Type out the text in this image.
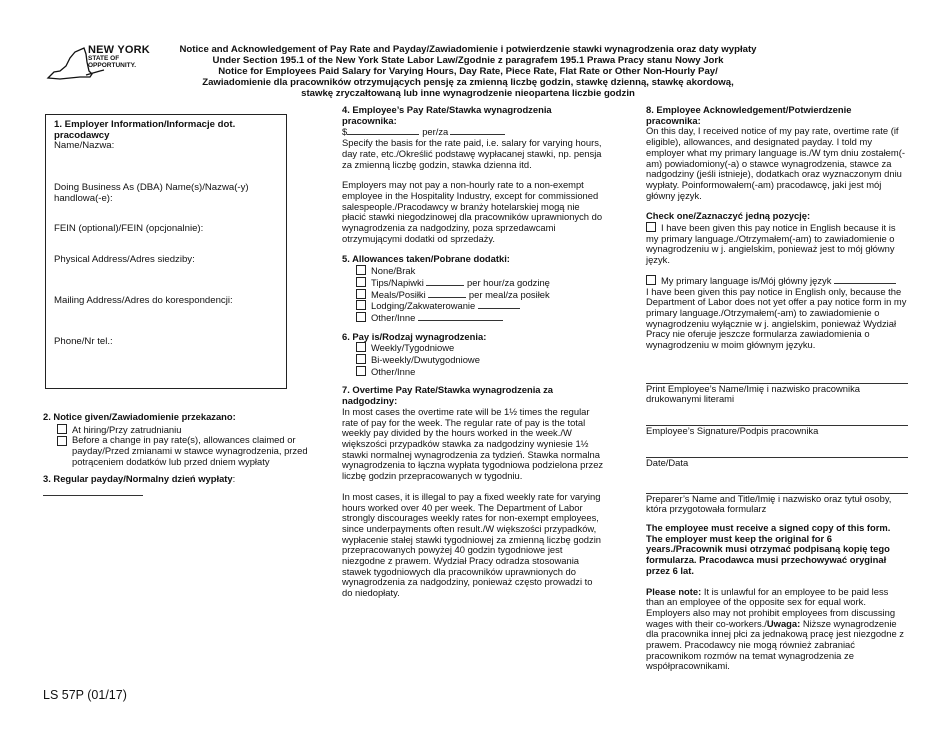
NEW YORK
STATE OF
OPPORTUNITY.
Notice and Acknowledgement of Pay Rate and Payday/Zawiadomienie i potwierdzenie stawki wynagrodzenia oraz daty wypłaty
Under Section 195.1 of the New York State Labor Law/Zgodnie z paragrafem 195.1 Prawa Pracy stanu Nowy Jork
Notice for Employees Paid Salary for Varying Hours, Day Rate, Piece Rate, Flat Rate or Other Non-Hourly Pay/
Zawiadomienie dla pracowników otrzymujących pensję za zmienną liczbę godzin, stawkę dzienną, stawkę akordową,
stawkę zryczałtowaną lub inne wynagrodzenie nieopartena liczbie godzin
1. Employer Information/Informacje dot. pracodawcy
Name/Nazwa:
Doing Business As (DBA) Name(s)/Nazwa(-y) handlowa(-e):
FEIN (optional)/FEIN (opcjonalnie):
Physical Address/Adres siedziby:
Mailing Address/Adres do korespondencji:
Phone/Nr tel.:
2. Notice given/Zawiadomienie przekazano:
At hiring/Przy zatrudnianiu
Before a change in pay rate(s), allowances claimed or payday/Przed zmianami w stawce wynagrodzenia, przed potrąceniem dodatków lub przed dniem wypłaty
3. Regular payday/Normalny dzień wypłaty:
4. Employee’s Pay Rate/Stawka wynagrodzenia pracownika:
$	per/za

Specify the basis for the rate paid, i.e. salary for varying hours, day rate, etc./Określić podstawę wypłacanej stawki, np. pensja za zmienną liczbę godzin, stawka dzienna itd.

Employers may not pay a non-hourly rate to a non-exempt employee in the Hospitality Industry, except for commissioned salespeople./Pracodawcy w branży hotelarskiej mogą nie płacić stawki niegodzinowej dla pracowników uprawnionych do wynagrodzenia za nadgodziny, poza sprzedawcami otrzymującymi dodatki od sprzedaży.

5. Allowances taken/Pobrane dodatki:
None/Brak
Tips/Napiwki	per hour/za godzinę
Meals/Posiłki	per meal/za posiłek
Lodging/Zakwaterowanie
Other/Inne
6. Pay is/Rodzaj wynagrodzenia:
Weekly/Tygodniowe
Bi-weekly/Dwutygodniowe
Other/Inne
7. Overtime Pay Rate/Stawka wynagrodzenia za nadgodziny:

In most cases the overtime rate will be 1½ times the regular rate of pay for the week. The regular rate of pay is the total weekly pay divided by the hours worked in the week./W większości przypadków stawka za nadgodziny wyniesie 1½ stawki normalnej wynagrodzenia za tydzień. Stawka normalna wynagrodzenia to łączna wypłata tygodniowa podzielona przez liczbę godzin przepracowanych w tygodniu.

In most cases, it is illegal to pay a fixed weekly rate for varying hours worked over 40 per week. The Department of Labor strongly discourages weekly rates for non-exempt employees, since underpayments often result./W większości przypadków, wypłacenie stałej stawki tygodniowej za zmienną liczbę godzin przepracowanych powyżej 40 godzin tygodniowe jest niezgodne z prawem. Wydział Pracy odradza stosowania stawek tygodniowych dla pracowników uprawnionych do wynagrodzenia za nadgodziny, ponieważ często prowadzi to do niedopłaty.

8. Employee Acknowledgement/Potwierdzenie pracownika:

On this day, I received notice of my pay rate, overtime rate (if eligible), allowances, and designated payday. I told my employer what my primary language is./W tym dniu zostałem(-am) powiadomiony(-a) o stawce wynagrodzenia, stawce za nadgodziny (jeśli istnieje), dodatkach oraz wyznaczonym dniu wypłaty. Poinformowałem(-am) pracodawcę, jaki jest mój główny język.

Check one/Zaznaczyć jedną pozycję:

I have been given this pay notice in English because it is my primary language./Otrzymałem(-am) to zawiadomienie o wynagrodzeniu w j. angielskim, ponieważ jest to mój główny język.

My primary language is/Mój główny język
I have been given this pay notice in English only, because the Department of Labor does not yet offer a pay notice form in my primary language./Otrzymałem(-am) to zawiadomienie o wynagrodzeniu wyłącznie w j. angielskim, ponieważ Wydział Pracy nie oferuje jeszcze formularza zawiadomienia o wynagrodzeniu w moim głównym języku.

Print Employee’s Name/Imię i nazwisko pracownika drukowanymi literami
Employee’s Signature/Podpis pracownika
Date/Data
Preparer’s Name and Title/Imię i nazwisko oraz tytuł osoby, która przygotowała formularz

The employee must receive a signed copy of this form. The employer must keep the original for 6 years./Pracownik musi otrzymać podpisaną kopię tego formularza. Pracodawca musi przechowywać oryginał przez 6 lat.

Please note: It is unlawful for an employee to be paid less than an employee of the opposite sex for equal work. Employers also may not prohibit employees from discussing wages with their co-workers./Uwaga: Niższe wynagrodzenie dla pracownika innej płci za jednakową pracę jest niezgodne z prawem. Pracodawcy nie mogą również zabraniać pracownikom rozmów na temat wynagrodzenia ze współpracownikami.

LS 57P (01/17)
